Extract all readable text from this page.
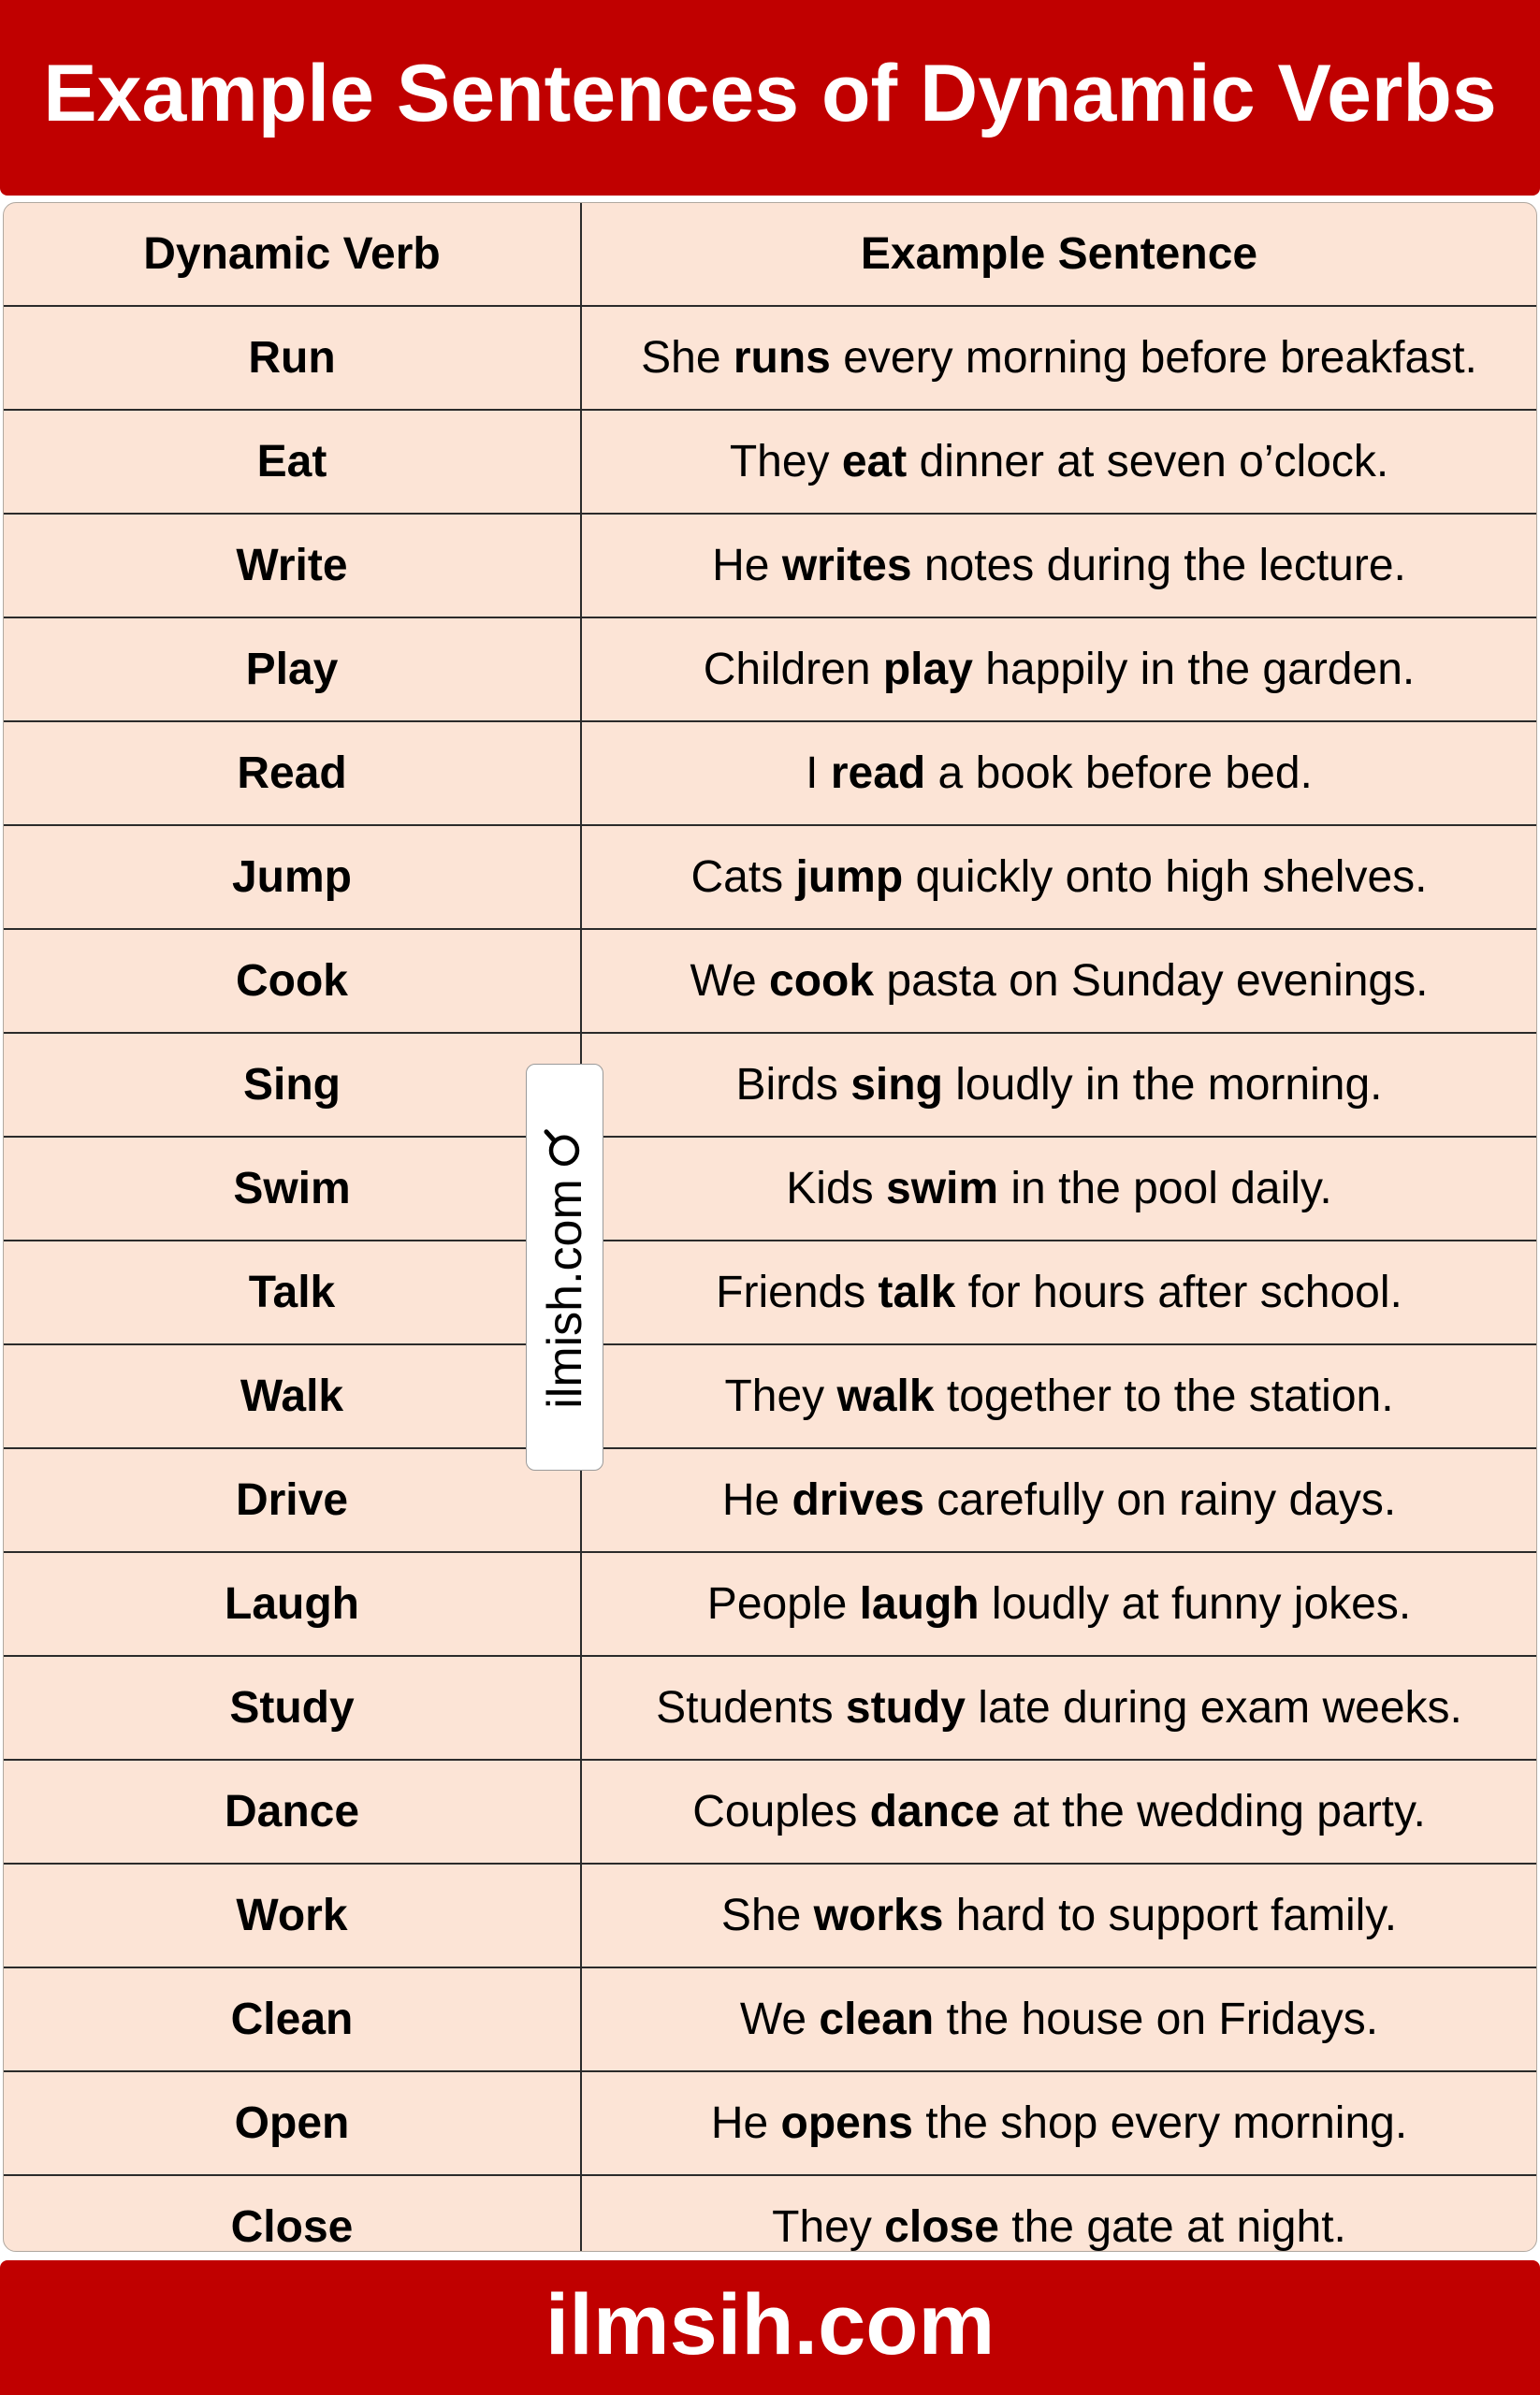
Example Sentences of Dynamic Verbs
Dynamic Verb	Example Sentence
Run	She runs every morning before breakfast.
Eat	They eat dinner at seven o’clock.
Write	He writes notes during the lecture.
Play	Children play happily in the garden.
Read	I read a book before bed.
Jump	Cats jump quickly onto high shelves.
Cook	We cook pasta on Sunday evenings.
Sing	Birds sing loudly in the morning.
Swim	Kids swim in the pool daily.
Talk	Friends talk for hours after school.
Walk	They walk together to the station.
Drive	He drives carefully on rainy days.
Laugh	People laugh loudly at funny jokes.
Study	Students study late during exam weeks.
Dance	Couples dance at the wedding party.
Work	She works hard to support family.
Clean	We clean the house on Fridays.
Open	He opens the shop every morning.
Close	They close the gate at night.
ilmish.com
ilmsih.com
